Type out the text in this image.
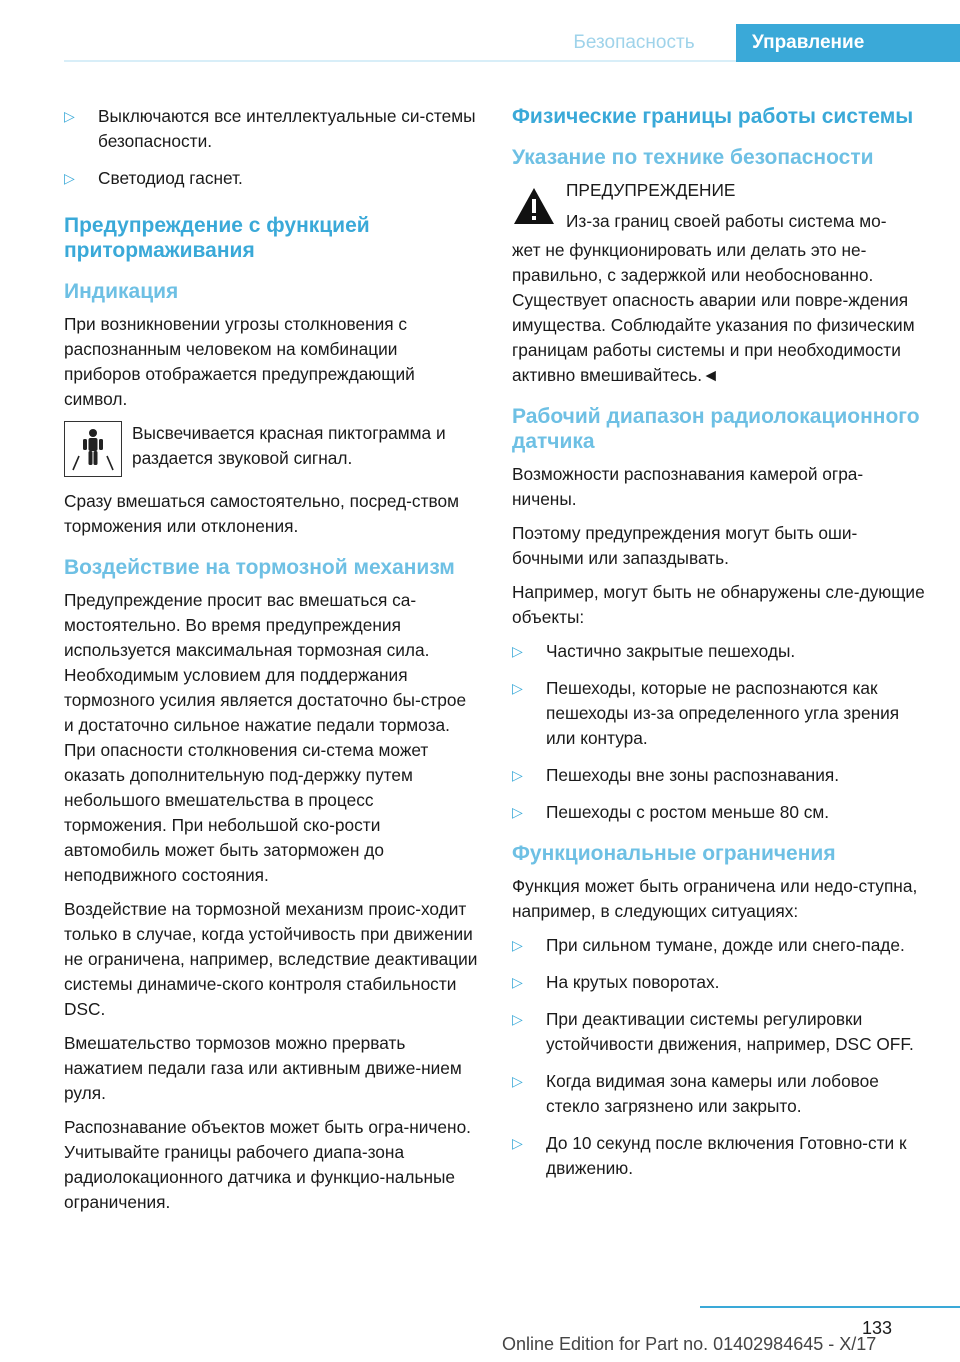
Безопасность	Управление
▷ Выключаются все интеллектуальные си-стемы безопасности.
▷ Светодиод гаснет.
Предупреждение с функцией притормаживания
Индикация

При возникновении угрозы столкновения с распознанным человеком на комбинации приборов отображается предупреждающий символ.

Высвечивается красная пиктограмма и раздается звуковой сигнал.

Сразу вмешаться самостоятельно, посред-ством торможения или отклонения.

Воздействие на тормозной механизм

Предупреждение просит вас вмешаться са-мостоятельно. Во время предупреждения используется максимальная тормозная сила. Необходимым условием для поддержания тормозного усилия является достаточно бы-строе и достаточно сильное нажатие педали тормоза. При опасности столкновения си-стема может оказать дополнительную под-держку путем небольшого вмешательства в процесс торможения. При небольшой ско-рости автомобиль может быть заторможен до неподвижного состояния.

Воздействие на тормозной механизм проис-ходит только в случае, когда устойчивость при движении не ограничена, например, вследствие деактивации системы динамиче-ского контроля стабильности DSC.

Вмешательство тормозов можно прервать нажатием педали газа или активным движе-нием руля.

Распознавание объектов может быть огра-ничено. Учитывайте границы рабочего диапа-зона радиолокационного датчика и функцио-нальные ограничения.

Физические границы работы системы
Указание по технике безопасности
ПРЕДУПРЕЖДЕНИЕ
Из-за границ своей работы система мо-

жет не функционировать или делать это не-правильно, с задержкой или необоснованно. Существует опасность аварии или повре-ждения имущества. Соблюдайте указания по физическим границам работы системы и при необходимости активно вмешивайтесь.◄

Рабочий диапазон радиолокационного датчика

Возможности распознавания камерой огра-ничены.

Поэтому предупреждения могут быть оши-бочными или запаздывать.

Например, могут быть не обнаружены сле-дующие объекты:

▷ Частично закрытые пешеходы.
▷ Пешеходы, которые не распознаются как пешеходы из-за определенного угла зрения или контура.
▷ Пешеходы вне зоны распознавания.
▷ Пешеходы с ростом меньше 80 см.
Функциональные ограничения

Функция может быть ограничена или недо-ступна, например, в следующих ситуациях:

▷ При сильном тумане, дожде или снего-паде.
▷ На крутых поворотах.
▷ При деактивации системы регулировки устойчивости движения, например, DSC OFF.
▷ Когда видимая зона камеры или лобовое стекло загрязнено или закрыто.
▷ До 10 секунд после включения Готовно-сти к движению.
133
Online Edition for Part no. 01402984645 - X/17
